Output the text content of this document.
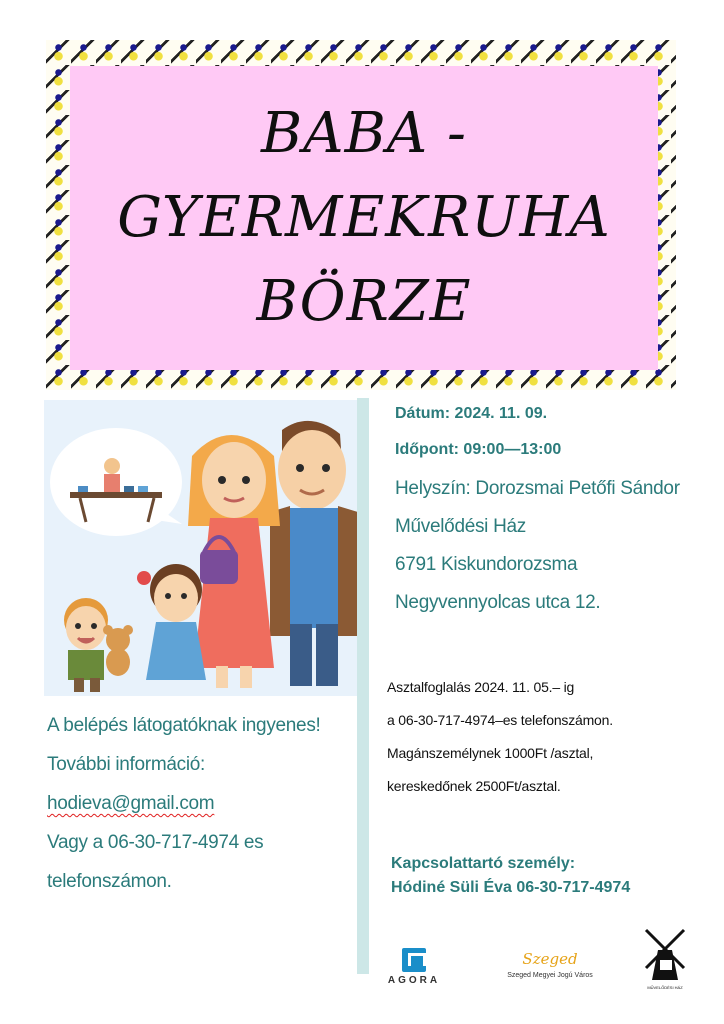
BABA -
GYERMEKRUHA
BÖRZE
Dátum: 2024. 11. 09.
Időpont: 09:00—13:00
Helyszín: Dorozsmai Petőfi Sándor
Művelődési Ház
6791 Kiskundorozsma
Negyvennyolcas utca 12.

Asztalfoglalás 2024. 11. 05.– ig

a 06-30-717-4974–es telefonszámon.

Magánszemélynek 1000Ft /asztal,

kereskedőnek 2500Ft/asztal.

A belépés látogatóknak ingyenes!

További információ:

hodieva@gmail.com

Vagy a 06-30-717-4974 es

telefonszámon.

Kapcsolattartó személy:

Hódiné Süli Éva 06-30-717-4974

AGORA
Szeged
Szeged Megyei Jogú Város
MŰVELŐDÉSI HÁZ
